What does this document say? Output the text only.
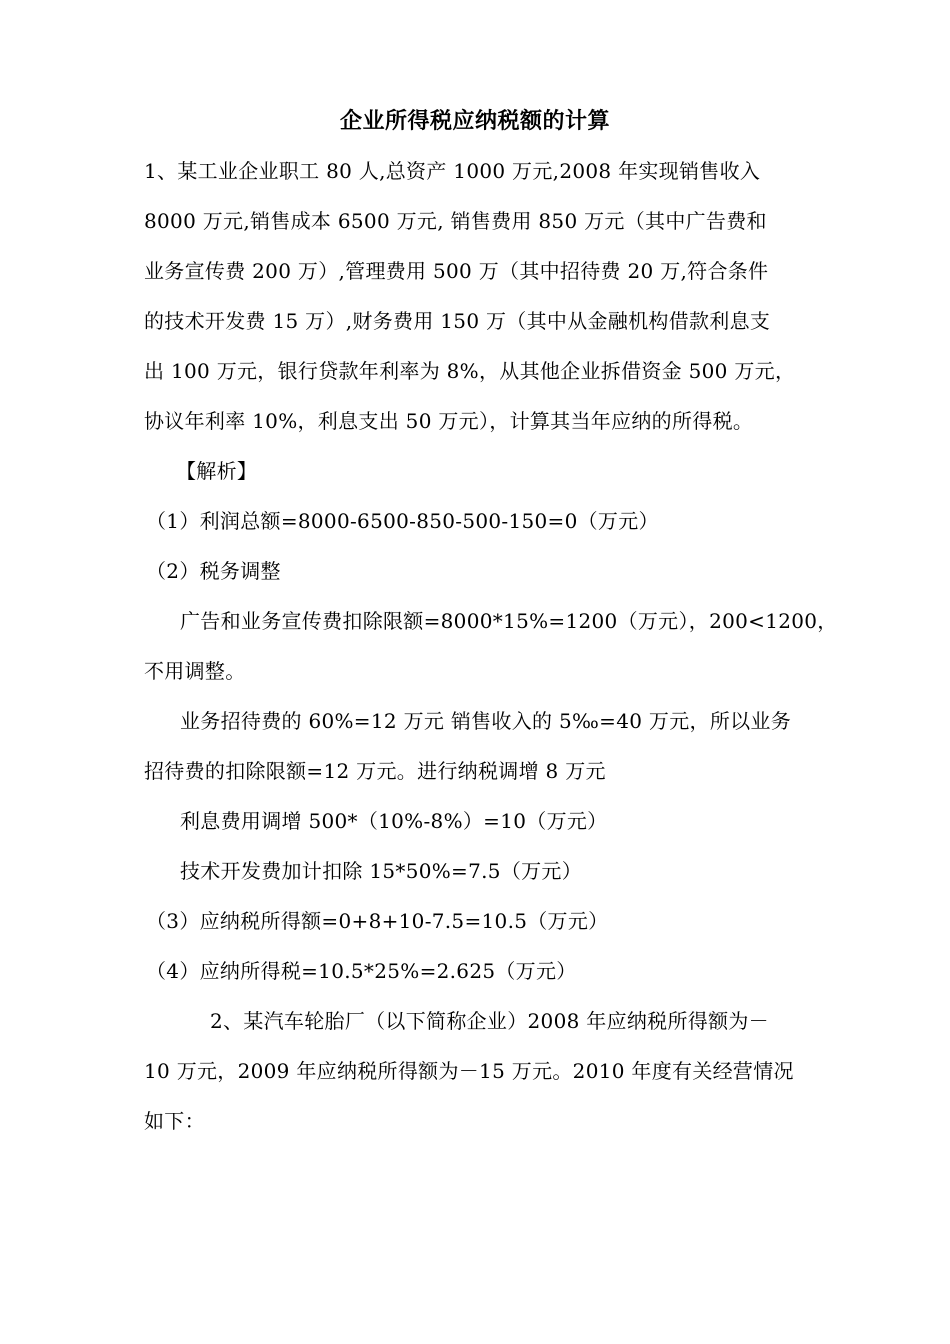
企业所得税应纳税额的计算
1、某工业企业职工 80 人,总资产 1000 万元,2008 年实现销售收入
8000 万元,销售成本 6500 万元, 销售费用 850 万元（其中广告费和
业务宣传费 200 万）,管理费用 500 万（其中招待费 20 万,符合条件
的技术开发费 15 万）,财务费用 150 万（其中从金融机构借款利息支
出 100 万元，银行贷款年利率为 8%，从其他企业拆借资金 500 万元，
协议年利率 10%，利息支出 50 万元），计算其当年应纳的所得税。
【解析】
（1）利润总额=8000-6500-850-500-150=0（万元）
（2）税务调整
广告和业务宣传费扣除限额=8000*15%=1200（万元），200<1200，
不用调整。
业务招待费的 60%=12 万元 销售收入的 5‰=40 万元，所以业务
招待费的扣除限额=12 万元。进行纳税调增 8 万元
利息费用调增 500*（10%-8%）=10（万元）
技术开发费加计扣除 15*50%=7.5（万元）
（3）应纳税所得额=0+8+10-7.5=10.5（万元）
（4）应纳所得税=10.5*25%=2.625（万元）
2、某汽车轮胎厂（以下简称企业）2008 年应纳税所得额为－
10 万元，2009 年应纳税所得额为－15 万元。2010 年度有关经营情况
如下：
